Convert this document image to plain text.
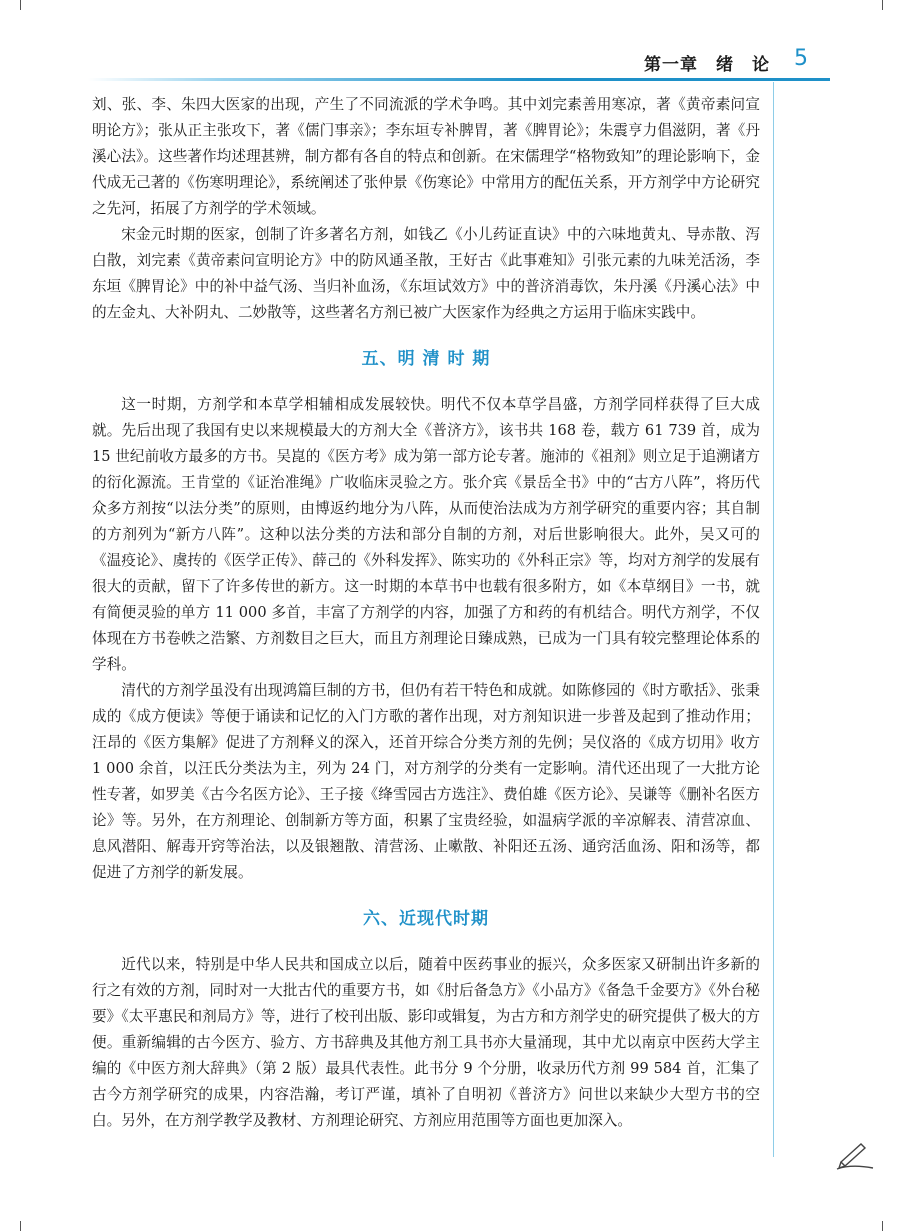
第一章　绪　论 5

刘、张、李、朱四大医家的出现，产生了不同流派的学术争鸣。其中刘完素善用寒凉，著《黄帝素问宣明论方》；张从正主张攻下，著《儒门事亲》；李东垣专补脾胃，著《脾胃论》；朱震亨力倡滋阴，著《丹溪心法》。这些著作均述理甚辨，制方都有各自的特点和创新。在宋儒理学“格物致知”的理论影响下，金代成无己著的《伤寒明理论》，系统阐述了张仲景《伤寒论》中常用方的配伍关系，开方剂学中方论研究之先河，拓展了方剂学的学术领域。

宋金元时期的医家，创制了许多著名方剂，如钱乙《小儿药证直诀》中的六味地黄丸、导赤散、泻白散，刘完素《黄帝素问宣明论方》中的防风通圣散，王好古《此事难知》引张元素的九味羌活汤，李东垣《脾胃论》中的补中益气汤、当归补血汤，《东垣试效方》中的普济消毒饮，朱丹溪《丹溪心法》中的左金丸、大补阴丸、二妙散等，这些著名方剂已被广大医家作为经典之方运用于临床实践中。

五、明 清 时 期

这一时期，方剂学和本草学相辅相成发展较快。明代不仅本草学昌盛，方剂学同样获得了巨大成就。先后出现了我国有史以来规模最大的方剂大全《普济方》，该书共 168 卷，载方 61 739 首，成为 15 世纪前收方最多的方书。吴崑的《医方考》成为第一部方论专著。施沛的《祖剂》则立足于追溯诸方的衍化源流。王肯堂的《证治准绳》广收临床灵验之方。张介宾《景岳全书》中的“古方八阵”，将历代众多方剂按“以法分类”的原则，由博返约地分为八阵，从而使治法成为方剂学研究的重要内容；其自制的方剂列为“新方八阵”。这种以法分类的方法和部分自制的方剂，对后世影响很大。此外，吴又可的《温疫论》、虞抟的《医学正传》、薛己的《外科发挥》、陈实功的《外科正宗》等，均对方剂学的发展有很大的贡献，留下了许多传世的新方。这一时期的本草书中也载有很多附方，如《本草纲目》一书，就有简便灵验的单方 11 000 多首，丰富了方剂学的内容，加强了方和药的有机结合。明代方剂学，不仅体现在方书卷帙之浩繁、方剂数目之巨大，而且方剂理论日臻成熟，已成为一门具有较完整理论体系的学科。

清代的方剂学虽没有出现鸿篇巨制的方书，但仍有若干特色和成就。如陈修园的《时方歌括》、张秉成的《成方便读》等便于诵读和记忆的入门方歌的著作出现，对方剂知识进一步普及起到了推动作用；汪昂的《医方集解》促进了方剂释义的深入，还首开综合分类方剂的先例；吴仪洛的《成方切用》收方 1 000 余首，以汪氏分类法为主，列为 24 门，对方剂学的分类有一定影响。清代还出现了一大批方论性专著，如罗美《古今名医方论》、王子接《绛雪园古方选注》、费伯雄《医方论》、吴谦等《删补名医方论》等。另外，在方剂理论、创制新方等方面，积累了宝贵经验，如温病学派的辛凉解表、清营凉血、息风潜阳、解毒开窍等治法，以及银翘散、清营汤、止嗽散、补阳还五汤、通窍活血汤、阳和汤等，都促进了方剂学的新发展。

六、近现代时期

近代以来，特别是中华人民共和国成立以后，随着中医药事业的振兴，众多医家又研制出许多新的行之有效的方剂，同时对一大批古代的重要方书，如《肘后备急方》《小品方》《备急千金要方》《外台秘要》《太平惠民和剂局方》等，进行了校刊出版、影印或辑复，为古方和方剂学史的研究提供了极大的方便。重新编辑的古今医方、验方、方书辞典及其他方剂工具书亦大量涌现，其中尤以南京中医药大学主编的《中医方剂大辞典》（第 2 版）最具代表性。此书分 9 个分册，收录历代方剂 99 584 首，汇集了古今方剂学研究的成果，内容浩瀚，考订严谨，填补了自明初《普济方》问世以来缺少大型方书的空白。另外，在方剂学教学及教材、方剂理论研究、方剂应用范围等方面也更加深入。
